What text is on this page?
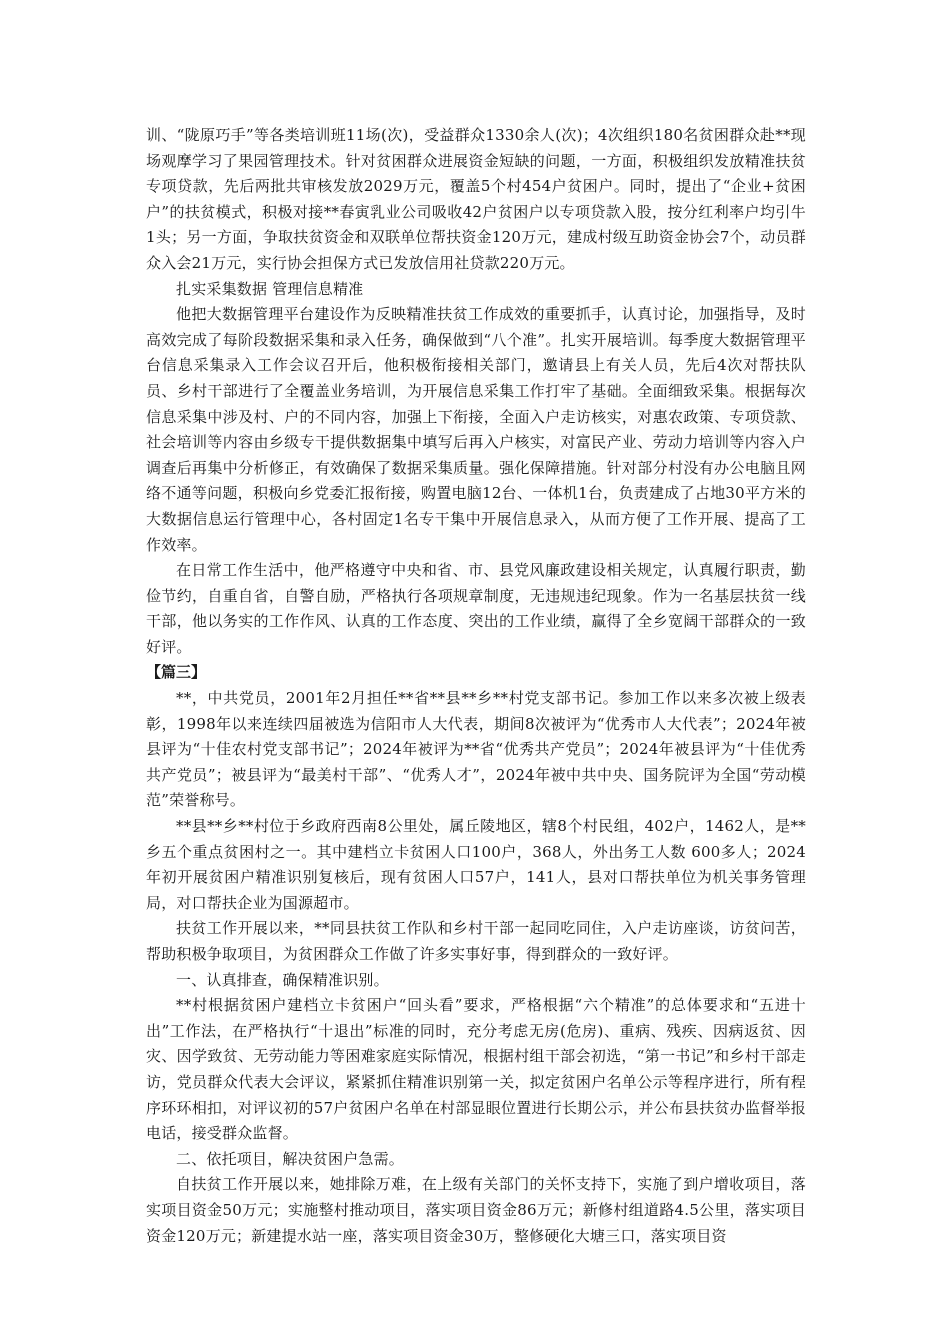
训、“陇原巧手”等各类培训班11场(次)，受益群众1330余人(次)；4次组织180名贫困群众赴**现场观摩学习了果园管理技术。针对贫困群众进展资金短缺的问题，一方面，积极组织发放精准扶贫专项贷款，先后两批共审核发放2029万元，覆盖5个村454户贫困户。同时，提出了“企业+贫困户”的扶贫模式，积极对接**春寅乳业公司吸收42户贫困户以专项贷款入股，按分红利率户均引牛1头；另一方面，争取扶贫资金和双联单位帮扶资金120万元，建成村级互助资金协会7个，动员群众入会21万元，实行协会担保方式已发放信用社贷款220万元。

扎实采集数据 管理信息精准

他把大数据管理平台建设作为反映精准扶贫工作成效的重要抓手，认真讨论，加强指导，及时高效完成了每阶段数据采集和录入任务，确保做到“八个准”。扎实开展培训。每季度大数据管理平台信息采集录入工作会议召开后，他积极衔接相关部门，邀请县上有关人员，先后4次对帮扶队员、乡村干部进行了全覆盖业务培训，为开展信息采集工作打牢了基础。全面细致采集。根据每次信息采集中涉及村、户的不同内容，加强上下衔接，全面入户走访核实，对惠农政策、专项贷款、社会培训等内容由乡级专干提供数据集中填写后再入户核实，对富民产业、劳动力培训等内容入户调查后再集中分析修正，有效确保了数据采集质量。强化保障措施。针对部分村没有办公电脑且网络不通等问题，积极向乡党委汇报衔接，购置电脑12台、一体机1台，负责建成了占地30平方米的大数据信息运行管理中心，各村固定1名专干集中开展信息录入，从而方便了工作开展、提高了工作效率。

在日常工作生活中，他严格遵守中央和省、市、县党风廉政建设相关规定，认真履行职责，勤俭节约，自重自省，自警自励，严格执行各项规章制度，无违规违纪现象。作为一名基层扶贫一线干部，他以务实的工作作风、认真的工作态度、突出的工作业绩，赢得了全乡宽阔干部群众的一致好评。

【篇三】

**，中共党员，2001年2月担任**省**县**乡**村党支部书记。参加工作以来多次被上级表彰，1998年以来连续四届被选为信阳市人大代表，期间8次被评为“优秀市人大代表”；2024年被县评为“十佳农村党支部书记”；2024年被评为**省“优秀共产党员”；2024年被县评为“十佳优秀共产党员”；被县评为“最美村干部”、“优秀人才”，2024年被中共中央、国务院评为全国“劳动模范”荣誉称号。

**县**乡**村位于乡政府西南8公里处，属丘陵地区，辖8个村民组，402户，1462人，是**乡五个重点贫困村之一。其中建档立卡贫困人口100户，368人，外出务工人数 600多人；2024年初开展贫困户精准识别复核后，现有贫困人口57户，141人，县对口帮扶单位为机关事务管理局，对口帮扶企业为国源超市。

扶贫工作开展以来，**同县扶贫工作队和乡村干部一起同吃同住，入户走访座谈，访贫问苦，帮助积极争取项目，为贫困群众工作做了许多实事好事，得到群众的一致好评。

一、认真排查，确保精准识别。

**村根据贫困户建档立卡贫困户“回头看”要求，严格根据“六个精准”的总体要求和“五进十出”工作法，在严格执行“十退出”标准的同时，充分考虑无房(危房)、重病、残疾、因病返贫、因灾、因学致贫、无劳动能力等困难家庭实际情况，根据村组干部会初选，“第一书记”和乡村干部走访，党员群众代表大会评议，紧紧抓住精准识别第一关，拟定贫困户名单公示等程序进行，所有程序环环相扣，对评议初的57户贫困户名单在村部显眼位置进行长期公示，并公布县扶贫办监督举报电话，接受群众监督。

二、依托项目，解决贫困户急需。

自扶贫工作开展以来，她排除万难，在上级有关部门的关怀支持下，实施了到户增收项目，落实项目资金50万元；实施整村推动项目，落实项目资金86万元；新修村组道路4.5公里，落实项目资金120万元；新建提水站一座，落实项目资金30万，整修硬化大塘三口，落实项目资
